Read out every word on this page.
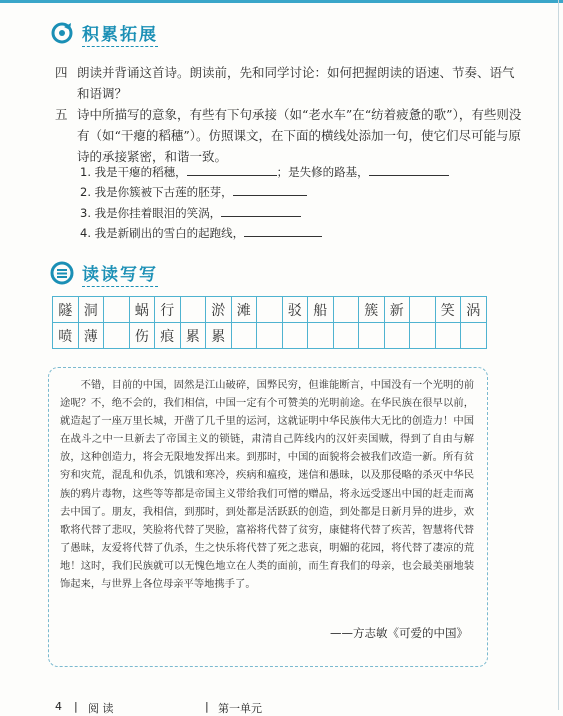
积累拓展
四 朗读并背诵这首诗。朗读前，先和同学讨论：如何把握朗读的语速、节奏、语气和语调？
五 诗中所描写的意象，有些有下句承接（如“老水车”在“纺着疲惫的歌”），有些则没有（如“干瘪的稻穗”）。仿照课文，在下面的横线处添加一句，使它们尽可能与原诗的承接紧密，和谐一致。
1. 我是干瘪的稻穗，	；是失修的路基，
2. 我是你簇被下古莲的胚芽，
3. 我是你挂着眼泪的笑涡，
4. 我是新刷出的雪白的起跑线，
读读写写
隧	洞		蜗	行		淤	滩		驳	船		簇	新		笑	涡
喷	薄		伤	痕	累	累										

不错，目前的中国，固然是江山破碎，国弊民穷，但谁能断言，中国没有一个光明的前途呢？不，绝不会的，我们相信，中国一定有个可赞美的光明前途。在华民族在很早以前，就造起了一座万里长城，开凿了几千里的运河，这就证明中华民族伟大无比的创造力！中国在战斗之中一旦新去了帝国主义的锁链，肃清自己阵线内的汉奸卖国贼，得到了自由与解放，这种创造力，将会无限地发挥出来。到那时，中国的面貌将会被我们改造一新。所有贫穷和灾荒，混乱和仇杀，饥饿和寒冷，疾病和瘟疫，迷信和愚昧，以及那侵略的杀灭中华民族的鸦片毒物，这些等等都是帝国主义带给我们可憎的赠品，将永远受逐出中国的赶走而离去中国了。朋友，我相信，到那时，到处都是活跃跃的创造，到处都是日新月异的进步，欢歌将代替了悲叹，笑脸将代替了哭脸，富裕将代替了贫穷，康健将代替了疾苦，智慧将代替了愚昧，友爱将代替了仇杀，生之快乐将代替了死之悲哀，明媚的花园，将代替了凄凉的荒地！这时，我们民族就可以无愧色地立在人类的面前，而生育我们的母亲，也会最美丽地装饰起来，与世界上各位母亲平等地携手了。

——方志敏《可爱的中国》
4 | 阅 读	| 第一单元
